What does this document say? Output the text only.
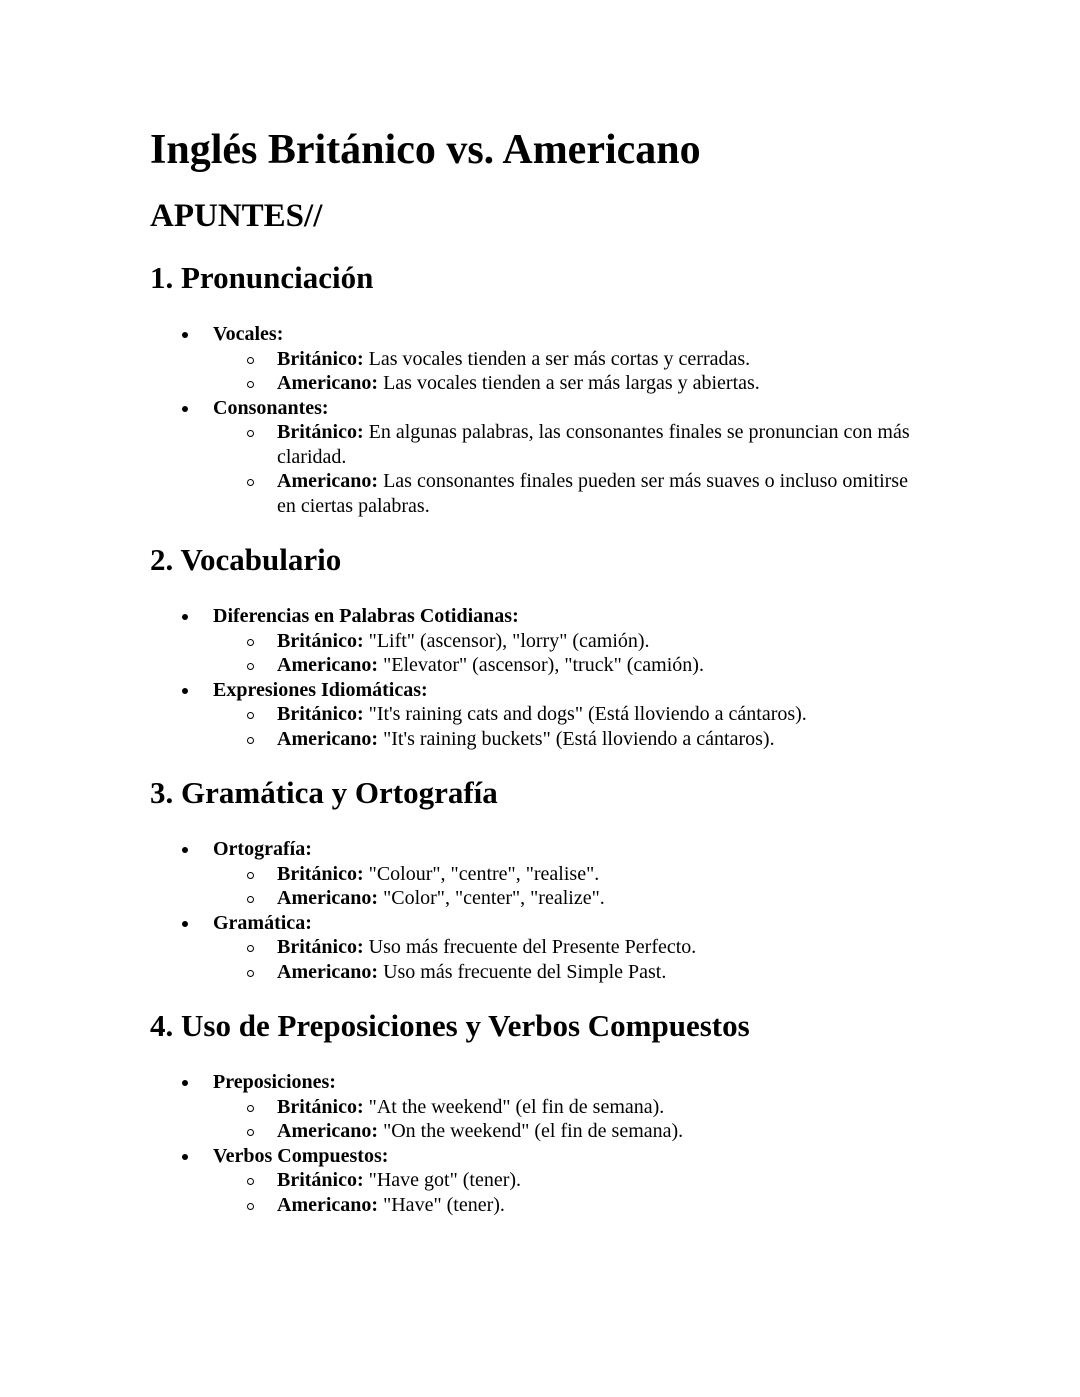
Inglés Británico vs. Americano
APUNTES//
1. Pronunciación
Vocales:
Británico: Las vocales tienden a ser más cortas y cerradas.
Americano: Las vocales tienden a ser más largas y abiertas.
Consonantes:
Británico: En algunas palabras, las consonantes finales se pronuncian con más claridad.
Americano: Las consonantes finales pueden ser más suaves o incluso omitirse en ciertas palabras.
2. Vocabulario
Diferencias en Palabras Cotidianas:
Británico: "Lift" (ascensor), "lorry" (camión).
Americano: "Elevator" (ascensor), "truck" (camión).
Expresiones Idiomáticas:
Británico: "It's raining cats and dogs" (Está lloviendo a cántaros).
Americano: "It's raining buckets" (Está lloviendo a cántaros).
3. Gramática y Ortografía
Ortografía:
Británico: "Colour", "centre", "realise".
Americano: "Color", "center", "realize".
Gramática:
Británico: Uso más frecuente del Presente Perfecto.
Americano: Uso más frecuente del Simple Past.
4. Uso de Preposiciones y Verbos Compuestos
Preposiciones:
Británico: "At the weekend" (el fin de semana).
Americano: "On the weekend" (el fin de semana).
Verbos Compuestos:
Británico: "Have got" (tener).
Americano: "Have" (tener).
